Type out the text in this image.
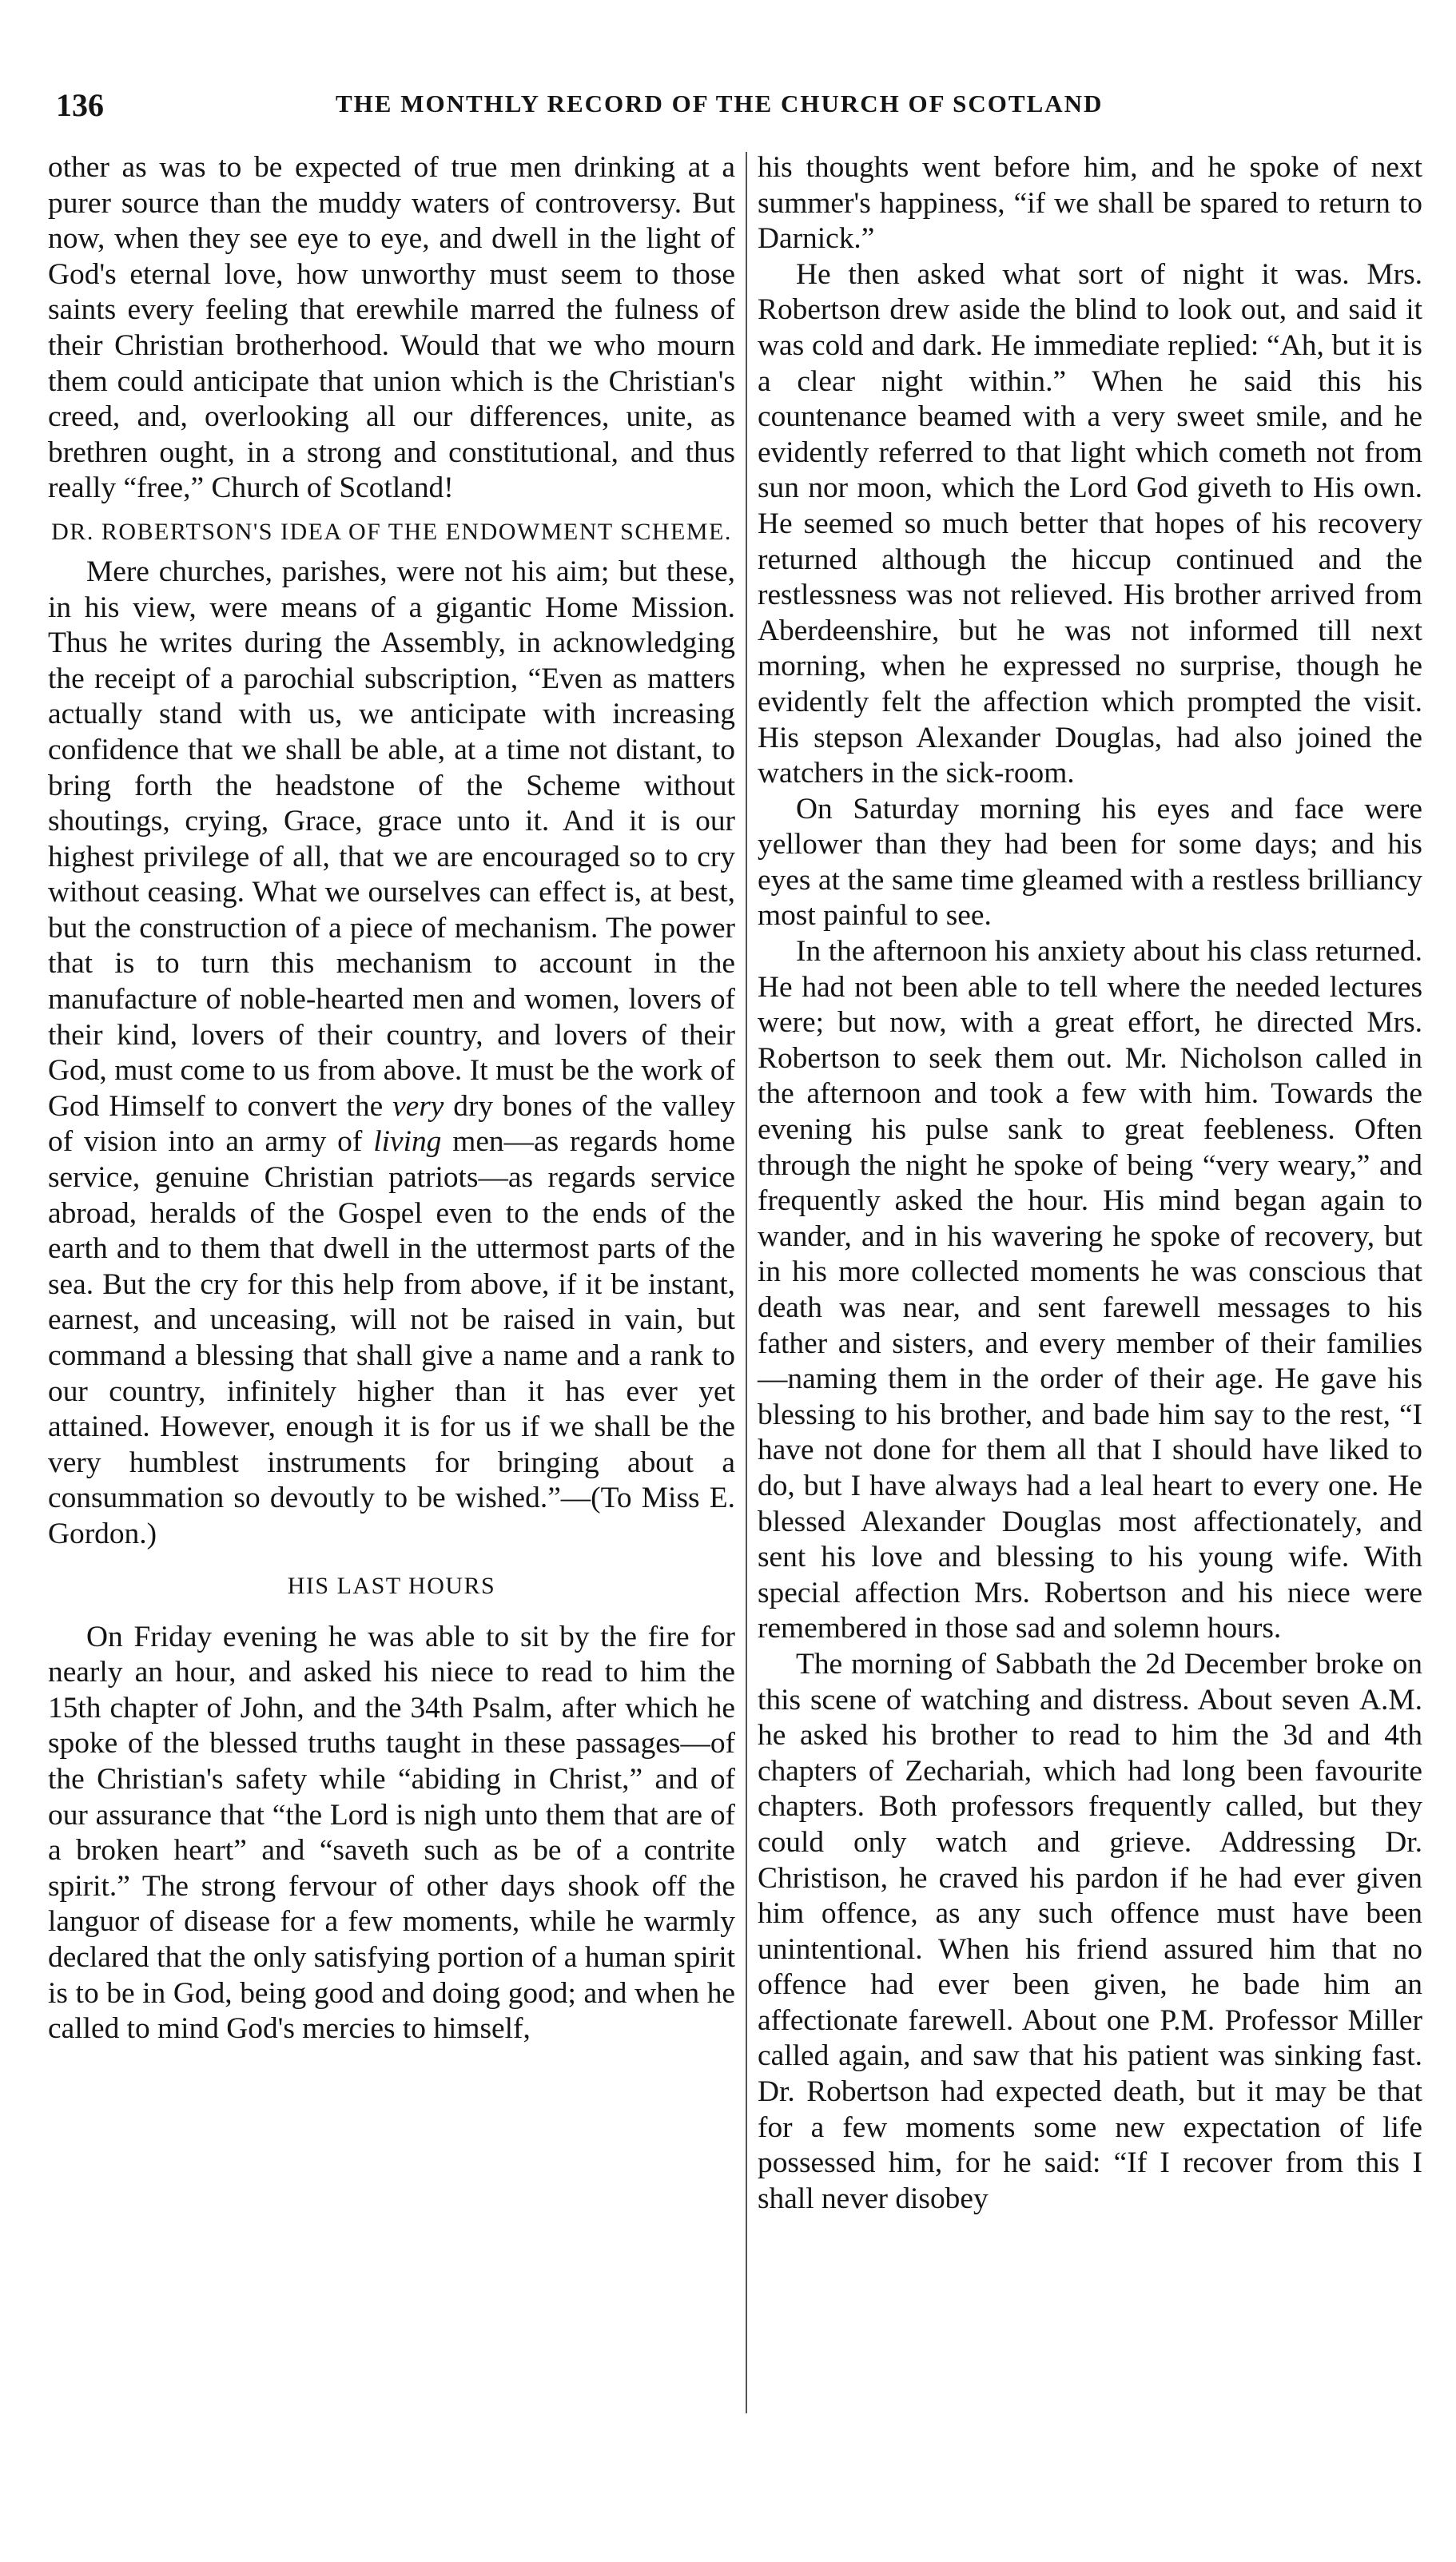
136	THE MONTHLY RECORD OF THE CHURCH OF SCOTLAND

other as was to be expected of true men drinking at a purer source than the muddy waters of controversy. But now, when they see eye to eye, and dwell in the light of God's eternal love, how unworthy must seem to those saints every feeling that erewhile marred the fulness of their Christian brotherhood. Would that we who mourn them could anticipate that union which is the Christian's creed, and, overlooking all our differences, unite, as brethren ought, in a strong and constitutional, and thus really “free,” Church of Scotland!

DR. ROBERTSON'S IDEA OF THE ENDOWMENT SCHEME.

Mere churches, parishes, were not his aim; but these, in his view, were means of a gigantic Home Mission. Thus he writes during the Assembly, in acknowledging the receipt of a parochial subscription, “Even as matters actually stand with us, we anticipate with increasing confidence that we shall be able, at a time not distant, to bring forth the headstone of the Scheme without shoutings, crying, Grace, grace unto it. And it is our highest privilege of all, that we are encouraged so to cry without ceasing. What we ourselves can effect is, at best, but the construction of a piece of mechanism. The power that is to turn this mechanism to account in the manufacture of noble-hearted men and women, lovers of their kind, lovers of their country, and lovers of their God, must come to us from above. It must be the work of God Himself to convert the very dry bones of the valley of vision into an army of living men—as regards home service, genuine Christian patriots—as regards service abroad, heralds of the Gospel even to the ends of the earth and to them that dwell in the uttermost parts of the sea. But the cry for this help from above, if it be instant, earnest, and unceasing, will not be raised in vain, but command a blessing that shall give a name and a rank to our country, infinitely higher than it has ever yet attained. However, enough it is for us if we shall be the very humblest instruments for bringing about a consummation so devoutly to be wished.”—(To Miss E. Gordon.)

HIS LAST HOURS

On Friday evening he was able to sit by the fire for nearly an hour, and asked his niece to read to him the 15th chapter of John, and the 34th Psalm, after which he spoke of the blessed truths taught in these passages—of the Christian's safety while “abiding in Christ,” and of our assurance that “the Lord is nigh unto them that are of a broken heart” and “saveth such as be of a contrite spirit.” The strong fervour of other days shook off the languor of disease for a few moments, while he warmly declared that the only satisfying portion of a human spirit is to be in God, being good and doing good; and when he called to mind God's mercies to himself,

his thoughts went before him, and he spoke of next summer's happiness, “if we shall be spared to return to Darnick.”

He then asked what sort of night it was. Mrs. Robertson drew aside the blind to look out, and said it was cold and dark. He immediate replied: “Ah, but it is a clear night within.” When he said this his countenance beamed with a very sweet smile, and he evidently referred to that light which cometh not from sun nor moon, which the Lord God giveth to His own. He seemed so much better that hopes of his recovery returned although the hiccup continued and the restlessness was not relieved. His brother arrived from Aberdeenshire, but he was not informed till next morning, when he expressed no surprise, though he evidently felt the affection which prompted the visit. His stepson Alexander Douglas, had also joined the watchers in the sick-room.

On Saturday morning his eyes and face were yellower than they had been for some days; and his eyes at the same time gleamed with a restless brilliancy most painful to see.

In the afternoon his anxiety about his class returned. He had not been able to tell where the needed lectures were; but now, with a great effort, he directed Mrs. Robertson to seek them out. Mr. Nicholson called in the afternoon and took a few with him. Towards the evening his pulse sank to great feebleness. Often through the night he spoke of being “very weary,” and frequently asked the hour. His mind began again to wander, and in his wavering he spoke of recovery, but in his more collected moments he was conscious that death was near, and sent farewell messages to his father and sisters, and every member of their families—naming them in the order of their age. He gave his blessing to his brother, and bade him say to the rest, “I have not done for them all that I should have liked to do, but I have always had a leal heart to every one. He blessed Alexander Douglas most affectionately, and sent his love and blessing to his young wife. With special affection Mrs. Robertson and his niece were remembered in those sad and solemn hours.

The morning of Sabbath the 2d December broke on this scene of watching and distress. About seven A.M. he asked his brother to read to him the 3d and 4th chapters of Zechariah, which had long been favourite chapters. Both professors frequently called, but they could only watch and grieve. Addressing Dr. Christison, he craved his pardon if he had ever given him offence, as any such offence must have been unintentional. When his friend assured him that no offence had ever been given, he bade him an affectionate farewell. About one P.M. Professor Miller called again, and saw that his patient was sinking fast. Dr. Robertson had expected death, but it may be that for a few moments some new expectation of life possessed him, for he said: “If I recover from this I shall never disobey
